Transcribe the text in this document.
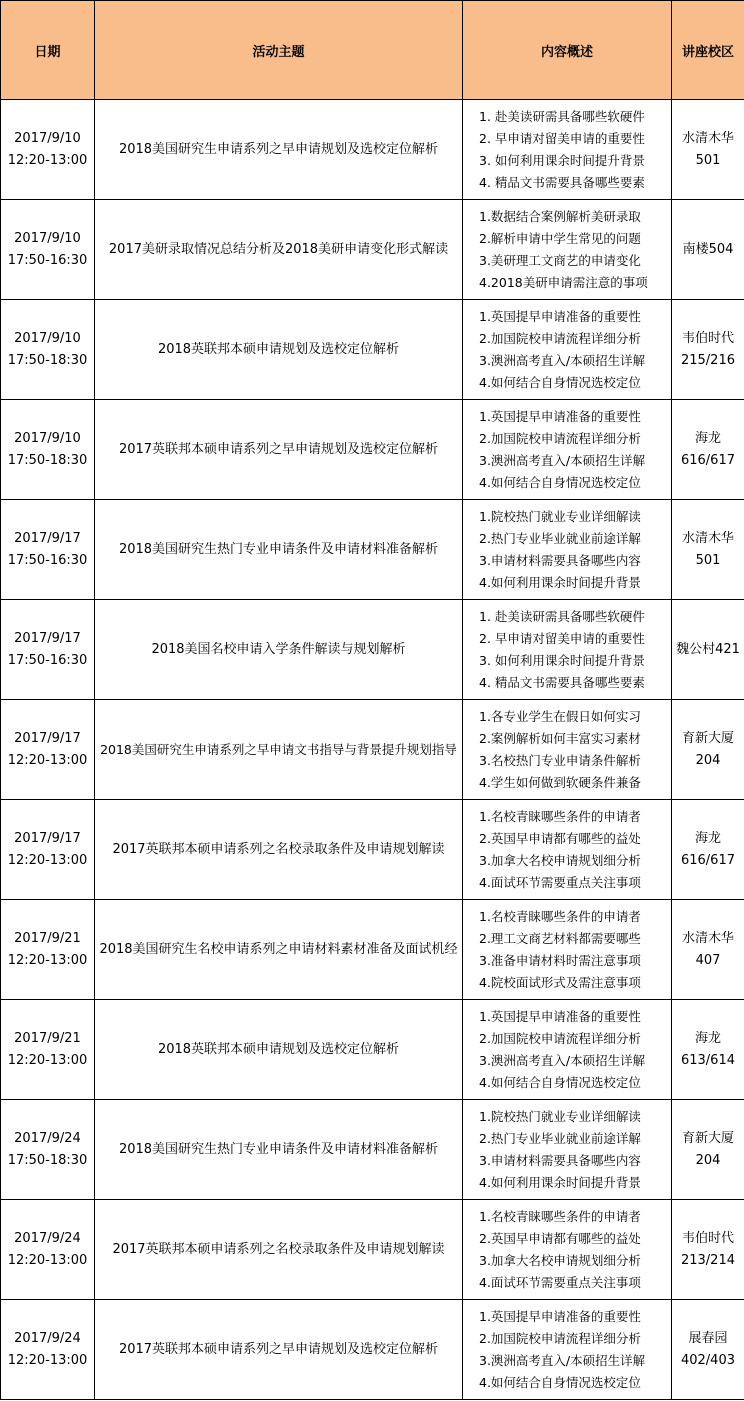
日期	活动主题	内容概述	讲座校区

2017/9/10
12:20-13:00	2018美国研究生申请系列之早申请规划及选校定位解析	1. 赴美读研需具备哪些软硬件
2. 早申请对留美申请的重要性
3. 如何利用课余时间提升背景
4. 精品文书需要具备哪些要素	水清木华
501

2017/9/10
17:50-16:30	2017美研录取情况总结分析及2018美研申请变化形式解读	1.数据结合案例解析美研录取
2.解析申请中学生常见的问题
3.美研理工文商艺的申请变化
4.2018美研申请需注意的事项	南楼504

2017/9/10
17:50-18:30	2018英联邦本硕申请规划及选校定位解析	1.英国提早申请准备的重要性
2.加国院校申请流程详细分析
3.澳洲高考直入/本硕招生详解
4.如何结合自身情况选校定位	韦伯时代
215/216

2017/9/10
17:50-18:30	2017英联邦本硕申请系列之早申请规划及选校定位解析	1.英国提早申请准备的重要性
2.加国院校申请流程详细分析
3.澳洲高考直入/本硕招生详解
4.如何结合自身情况选校定位	海龙
616/617

2017/9/17
17:50-16:30	2018美国研究生热门专业申请条件及申请材料准备解析	1.院校热门就业专业详细解读
2.热门专业毕业就业前途详解
3.申请材料需要具备哪些内容
4.如何利用课余时间提升背景	水清木华
501

2017/9/17
17:50-16:30	2018美国名校申请入学条件解读与规划解析	1. 赴美读研需具备哪些软硬件
2. 早申请对留美申请的重要性
3. 如何利用课余时间提升背景
4. 精品文书需要具备哪些要素	魏公村421

2017/9/17
12:20-13:00	2018美国研究生申请系列之早申请文书指导与背景提升规划指导	1.各专业学生在假日如何实习
2.案例解析如何丰富实习素材
3.名校热门专业申请条件解析
4.学生如何做到软硬条件兼备	育新大厦
204

2017/9/17
12:20-13:00	2017英联邦本硕申请系列之名校录取条件及申请规划解读	1.名校青睐哪些条件的申请者
2.英国早申请都有哪些的益处
3.加拿大名校申请规划细分析
4.面试环节需要重点关注事项	海龙
616/617

2017/9/21
12:20-13:00	2018美国研究生名校申请系列之申请材料素材准备及面试机经	1.名校青睐哪些条件的申请者
2.理工文商艺材料都需要哪些
3.准备申请材料时需注意事项
4.院校面试形式及需注意事项	水清木华
407

2017/9/21
12:20-13:00	2018英联邦本硕申请规划及选校定位解析	1.英国提早申请准备的重要性
2.加国院校申请流程详细分析
3.澳洲高考直入/本硕招生详解
4.如何结合自身情况选校定位	海龙
613/614

2017/9/24
17:50-18:30	2018美国研究生热门专业申请条件及申请材料准备解析	1.院校热门就业专业详细解读
2.热门专业毕业就业前途详解
3.申请材料需要具备哪些内容
4.如何利用课余时间提升背景	育新大厦
204

2017/9/24
12:20-13:00	2017英联邦本硕申请系列之名校录取条件及申请规划解读	1.名校青睐哪些条件的申请者
2.英国早申请都有哪些的益处
3.加拿大名校申请规划细分析
4.面试环节需要重点关注事项	韦伯时代
213/214

2017/9/24
12:20-13:00	2017英联邦本硕申请系列之早申请规划及选校定位解析	1.英国提早申请准备的重要性
2.加国院校申请流程详细分析
3.澳洲高考直入/本硕招生详解
4.如何结合自身情况选校定位	展春园
402/403
